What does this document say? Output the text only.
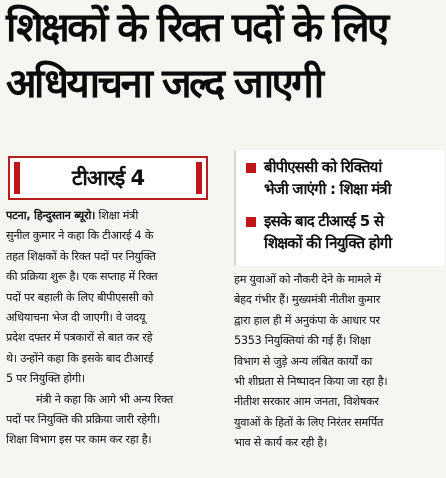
शिक्षकों के रिक्त पदों के लिए
अधियाचना जल्द जाएगी
टीआरई 4	बीपीएससी को रिक्तियां
भेजी जाएंगी : शिक्षा मंत्री
इसके बाद टीआरई 5 से
शिक्षकों की नियुक्ति होगी
पटना, हिन्दुस्तान ब्यूरो। शिक्षा मंत्री
सुनील कुमार ने कहा कि टीआरई 4 के
तहत शिक्षकों के रिक्त पदों पर नियुक्ति
की प्रक्रिया शुरू है। एक सप्ताह में रिक्त
पदों पर बहाली के लिए बीपीएससी को
अधियाचना भेज दी जाएगी। वे जदयू
प्रदेश दफ्तर में पत्रकारों से बात कर रहे
थे। उन्होंने कहा कि इसके बाद टीआरई
5 पर नियुक्ति होगी।
मंत्री ने कहा कि आगे भी अन्य रिक्त
पदों पर नियुक्ति की प्रक्रिया जारी रहेगी।
शिक्षा विभाग इस पर काम कर रहा है।
हम युवाओं को नौकरी देने के मामले में
बेहद गंभीर हैं। मुख्यमंत्री नीतीश कुमार
द्वारा हाल ही में अनुकंपा के आधार पर
5353 नियुक्तियां की गई हैं। शिक्षा
विभाग से जुड़े अन्य लंबित कार्यों का
भी शीघ्रता से निष्पादन किया जा रहा है।
नीतीश सरकार आम जनता, विशेषकर
युवाओं के हितों के लिए निरंतर समर्पित
भाव से कार्य कर रही है।
